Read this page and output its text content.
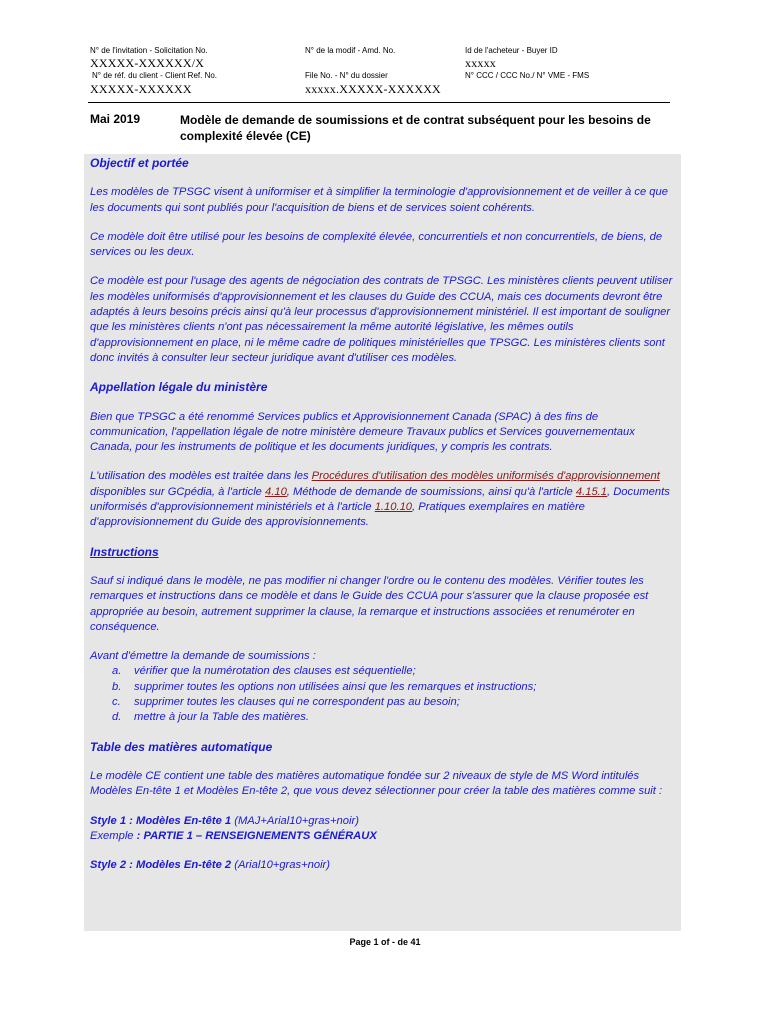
N° de l'invitation - Solicitation No.
XXXXX-XXXXXX/X
N° de la modif - Amd. No.	Id de l'acheteur - Buyer ID
xxxxx
N° de réf. du client - Client Ref. No.
XXXXX-XXXXXX
File No. - N° du dossier
xxxxx.XXXXX-XXXXXX
N° CCC / CCC No./ N° VME - FMS
Mai 2019	Modèle de demande de soumissions et de contrat subséquent pour les besoins de complexité élevée (CE)
Objectif et portée

Les modèles de TPSGC visent à uniformiser et à simplifier la terminologie d'approvisionnement et de veiller à ce que les documents qui sont publiés pour l'acquisition de biens et de services soient cohérents.

Ce modèle doit être utilisé pour les besoins de complexité élevée, concurrentiels et non concurrentiels, de biens, de services ou les deux.

Ce modèle est pour l'usage des agents de négociation des contrats de TPSGC. Les ministères clients peuvent utiliser les modèles uniformisés d'approvisionnement et les clauses du Guide des CCUA, mais ces documents devront être adaptés à leurs besoins précis ainsi qu'à leur processus d'approvisionnement ministériel. Il est important de souligner que les ministères clients n'ont pas nécessairement la même autorité législative, les mêmes outils d'approvisionnement en place, ni le même cadre de politiques ministérielles que TPSGC. Les ministères clients sont donc invités à consulter leur secteur juridique avant d'utiliser ces modèles.

Appellation légale du ministère

Bien que TPSGC a été renommé Services publics et Approvisionnement Canada (SPAC) à des fins de communication, l'appellation légale de notre ministère demeure Travaux publics et Services gouvernementaux Canada, pour les instruments de politique et les documents juridiques, y compris les contrats.

L'utilisation des modèles est traitée dans les Procédures d'utilisation des modèles uniformisés d'approvisionnement disponibles sur GCpédia, à l'article 4.10, Méthode de demande de soumissions, ainsi qu'à l'article 4.15.1, Documents uniformisés d'approvisionnement ministériels et à l'article 1.10.10, Pratiques exemplaires en matière d'approvisionnement du Guide des approvisionnements.

Instructions

Sauf si indiqué dans le modèle, ne pas modifier ni changer l'ordre ou le contenu des modèles. Vérifier toutes les remarques et instructions dans ce modèle et dans le Guide des CCUA pour s'assurer que la clause proposée est appropriée au besoin, autrement supprimer la clause, la remarque et instructions associées et renuméroter en conséquence.

Avant d'émettre la demande de soumissions :

a. vérifier que la numérotation des clauses est séquentielle;
b. supprimer toutes les options non utilisées ainsi que les remarques et instructions;
c. supprimer toutes les clauses qui ne correspondent pas au besoin;
d. mettre à jour la Table des matières.
Table des matières automatique

Le modèle CE contient une table des matières automatique fondée sur 2 niveaux de style de MS Word intitulés Modèles En-tête 1 et Modèles En-tête 2, que vous devez sélectionner pour créer la table des matières comme suit :

Style 1 : Modèles En-tête 1 (MAJ+Arial10+gras+noir)
Exemple : PARTIE 1 – RENSEIGNEMENTS GÉNÉRAUX

Style 2 : Modèles En-tête 2 (Arial10+gras+noir)

Page 1 of - de 41
